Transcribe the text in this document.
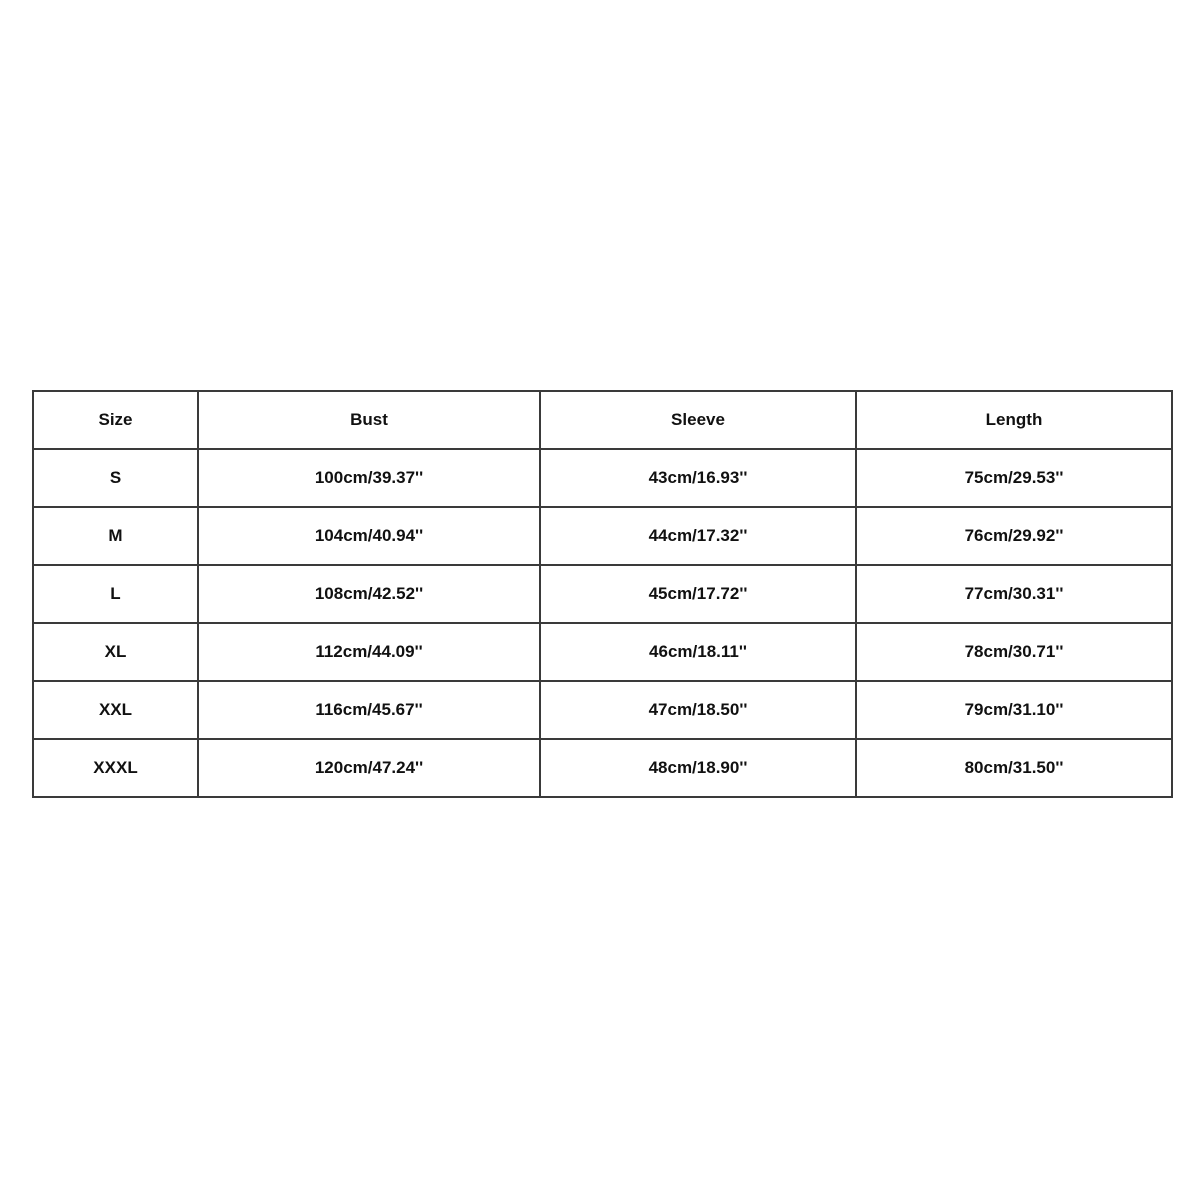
Size	Bust	Sleeve	Length
S	100cm/39.37''	43cm/16.93''	75cm/29.53''
M	104cm/40.94''	44cm/17.32''	76cm/29.92''
L	108cm/42.52''	45cm/17.72''	77cm/30.31''
XL	112cm/44.09''	46cm/18.11''	78cm/30.71''
XXL	116cm/45.67''	47cm/18.50''	79cm/31.10''
XXXL	120cm/47.24''	48cm/18.90''	80cm/31.50''
